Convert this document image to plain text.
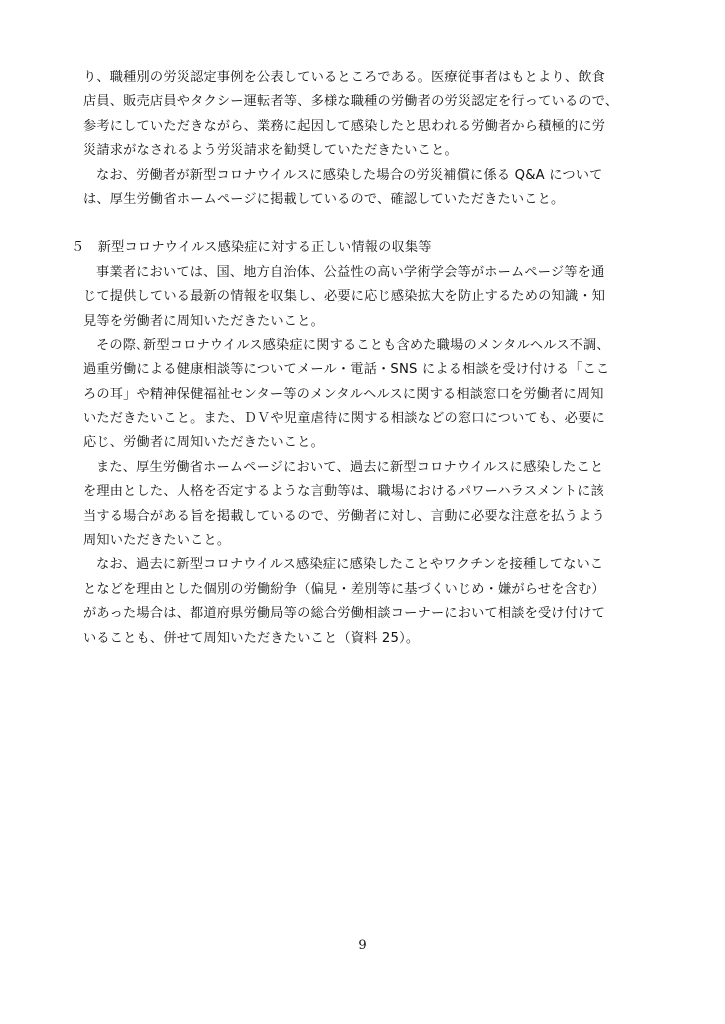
り、職種別の労災認定事例を公表しているところである。医療従事者はもとより、飲食
店員、販売店員やタクシー運転者等、多様な職種の労働者の労災認定を行っているので、
参考にしていただきながら、業務に起因して感染したと思われる労働者から積極的に労
災請求がなされるよう労災請求を勧奨していただきたいこと。
なお、労働者が新型コロナウイルスに感染した場合の労災補償に係る Q&A について
は、厚生労働省ホームページに掲載しているので、確認していただきたいこと。
５　新型コロナウイルス感染症に対する正しい情報の収集等
事業者においては、国、地方自治体、公益性の高い学術学会等がホームページ等を通
じて提供している最新の情報を収集し、必要に応じ感染拡大を防止するための知識・知
見等を労働者に周知いただきたいこと。
その際､新型コロナウイルス感染症に関することも含めた職場のメンタルヘルス不調、
過重労働による健康相談等についてメール・電話・SNS による相談を受け付ける「ここ
ろの耳」や精神保健福祉センター等のメンタルヘルスに関する相談窓口を労働者に周知
いただきたいこと。また、ＤＶや児童虐待に関する相談などの窓口についても、必要に
応じ、労働者に周知いただきたいこと。
また、厚生労働省ホームページにおいて、過去に新型コロナウイルスに感染したこと
を理由とした、人格を否定するような言動等は、職場におけるパワーハラスメントに該
当する場合がある旨を掲載しているので、労働者に対し、言動に必要な注意を払うよう
周知いただきたいこと。
なお、過去に新型コロナウイルス感染症に感染したことやワクチンを接種してないこ
となどを理由とした個別の労働紛争（偏見・差別等に基づくいじめ・嫌がらせを含む）
があった場合は、都道府県労働局等の総合労働相談コーナーにおいて相談を受け付けて
いることも、併せて周知いただきたいこと（資料 25）。
9
